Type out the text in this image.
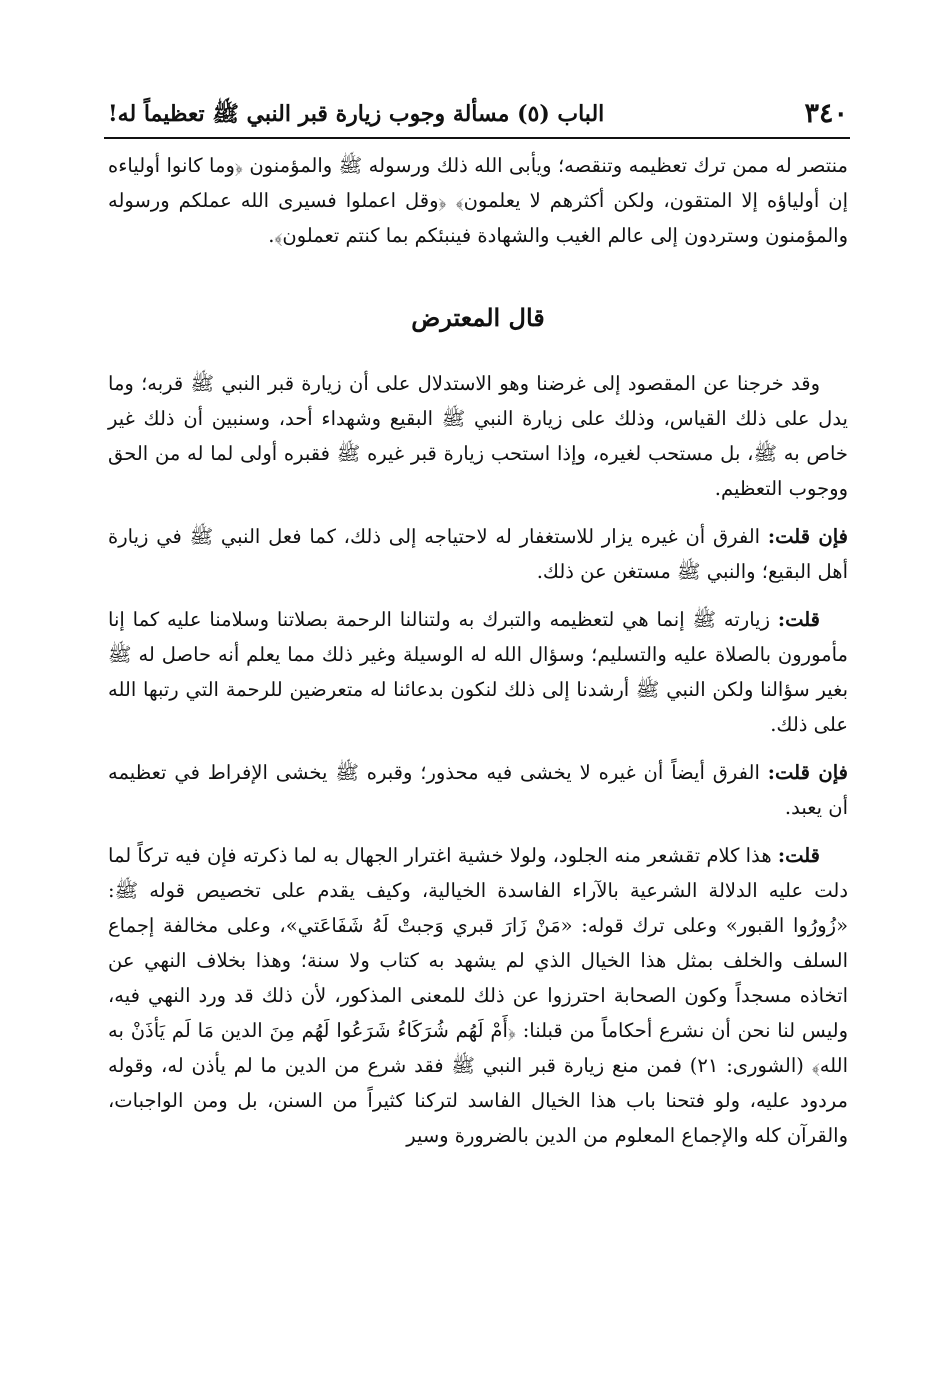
٣٤٠
الباب (٥) مسألة وجوب زيارة قبر النبي ﷺ تعظيماً له!

منتصر له ممن ترك تعظيمه وتنقصه؛ ويأبى الله ذلك ورسوله ﷺ والمؤمنون ﴿وما كانوا أولياءه إن أولياؤه إلا المتقون، ولكن أكثرهم لا يعلمون﴾ ﴿وقل اعملوا فسيرى الله عملكم ورسوله والمؤمنون وستردون إلى عالم الغيب والشهادة فينبئكم بما كنتم تعملون﴾.

قال المعترض

وقد خرجنا عن المقصود إلى غرضنا وهو الاستدلال على أن زيارة قبر النبي ﷺ قربه؛ وما يدل على ذلك القياس، وذلك على زيارة النبي ﷺ البقيع وشهداء أحد، وسنبين أن ذلك غير خاص به ﷺ، بل مستحب لغيره، وإذا استحب زيارة قبر غيره ﷺ فقبره أولى لما له من الحق ووجوب التعظيم.

فإن قلت: الفرق أن غيره يزار للاستغفار له لاحتياجه إلى ذلك، كما فعل النبي ﷺ في زيارة أهل البقيع؛ والنبي ﷺ مستغن عن ذلك.

قلت: زيارته ﷺ إنما هي لتعظيمه والتبرك به ولتنالنا الرحمة بصلاتنا وسلامنا عليه كما إنا مأمورون بالصلاة عليه والتسليم؛ وسؤال الله له الوسيلة وغير ذلك مما يعلم أنه حاصل له ﷺ بغير سؤالنا ولكن النبي ﷺ أرشدنا إلى ذلك لنكون بدعائنا له متعرضين للرحمة التي رتبها الله على ذلك.

فإن قلت: الفرق أيضاً أن غيره لا يخشى فيه محذور؛ وقبره ﷺ يخشى الإفراط في تعظيمه أن يعبد.

قلت: هذا كلام تقشعر منه الجلود، ولولا خشية اغترار الجهال به لما ذكرته فإن فيه تركاً لما دلت عليه الدلالة الشرعية بالآراء الفاسدة الخيالية، وكيف يقدم على تخصيص قوله ﷺ: «زُورُوا القبور» وعلى ترك قوله: «مَنْ زَارَ قبري وَجبتْ لَهُ شَفَاعَتي»، وعلى مخالفة إجماع السلف والخلف بمثل هذا الخيال الذي لم يشهد به كتاب ولا سنة؛ وهذا بخلاف النهي عن اتخاذه مسجداً وكون الصحابة احترزوا عن ذلك للمعنى المذكور، لأن ذلك قد ورد النهي فيه، وليس لنا نحن أن نشرع أحكاماً من قبلنا: ﴿أَمْ لَهُم شُرَكَاءُ شَرَعُوا لَهُم مِنَ الدين مَا لَم يَأذَنْ به الله﴾ (الشورى: ٢١) فمن منع زيارة قبر النبي ﷺ فقد شرع من الدين ما لم يأذن له، وقوله مردود عليه، ولو فتحنا باب هذا الخيال الفاسد لتركنا كثيراً من السنن، بل ومن الواجبات، والقرآن كله والإجماع المعلوم من الدين بالضرورة وسير
